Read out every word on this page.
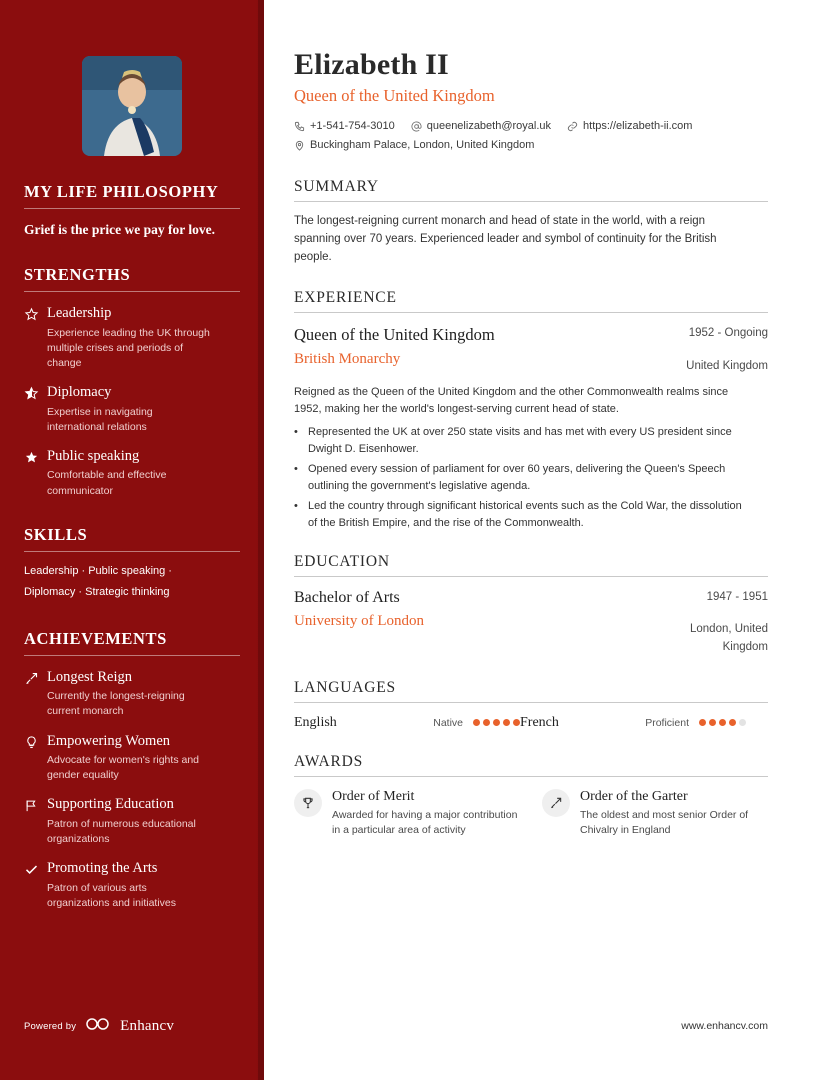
MY LIFE PHILOSOPHY
Grief is the price we pay for love.
STRENGTHS
Leadership
Experience leading the UK through multiple crises and periods of change
Diplomacy
Expertise in navigating international relations
Public speaking
Comfortable and effective communicator
SKILLS
Leadership · Public speaking ·
Diplomacy · Strategic thinking
ACHIEVEMENTS
Longest Reign
Currently the longest-reigning current monarch
Empowering Women
Advocate for women's rights and gender equality
Supporting Education
Patron of numerous educational organizations
Promoting the Arts
Patron of various arts organizations and initiatives
Powered by	Enhancv
Elizabeth II
Queen of the United Kingdom
+1-541-754-3010	queenelizabeth@royal.uk	https://elizabeth-ii.com
Buckingham Palace, London, United Kingdom
SUMMARY

The longest-reigning current monarch and head of state in the world, with a reign spanning over 70 years. Experienced leader and symbol of continuity for the British people.

EXPERIENCE
Queen of the United Kingdom
British Monarchy
1952 - Ongoing
United Kingdom

Reigned as the Queen of the United Kingdom and the other Commonwealth realms since 1952, making her the world's longest-serving current head of state.

• Represented the UK at over 250 state visits and has met with every US president since Dwight D. Eisenhower.
• Opened every session of parliament for over 60 years, delivering the Queen's Speech outlining the government's legislative agenda.
• Led the country through significant historical events such as the Cold War, the dissolution of the British Empire, and the rise of the Commonwealth.
EDUCATION
Bachelor of Arts
University of London
1947 - 1951
London, United Kingdom
LANGUAGES
English	Native	French	Proficient
AWARDS
Order of Merit
Awarded for having a major contribution in a particular area of activity
Order of the Garter
The oldest and most senior Order of Chivalry in England
www.enhancv.com
